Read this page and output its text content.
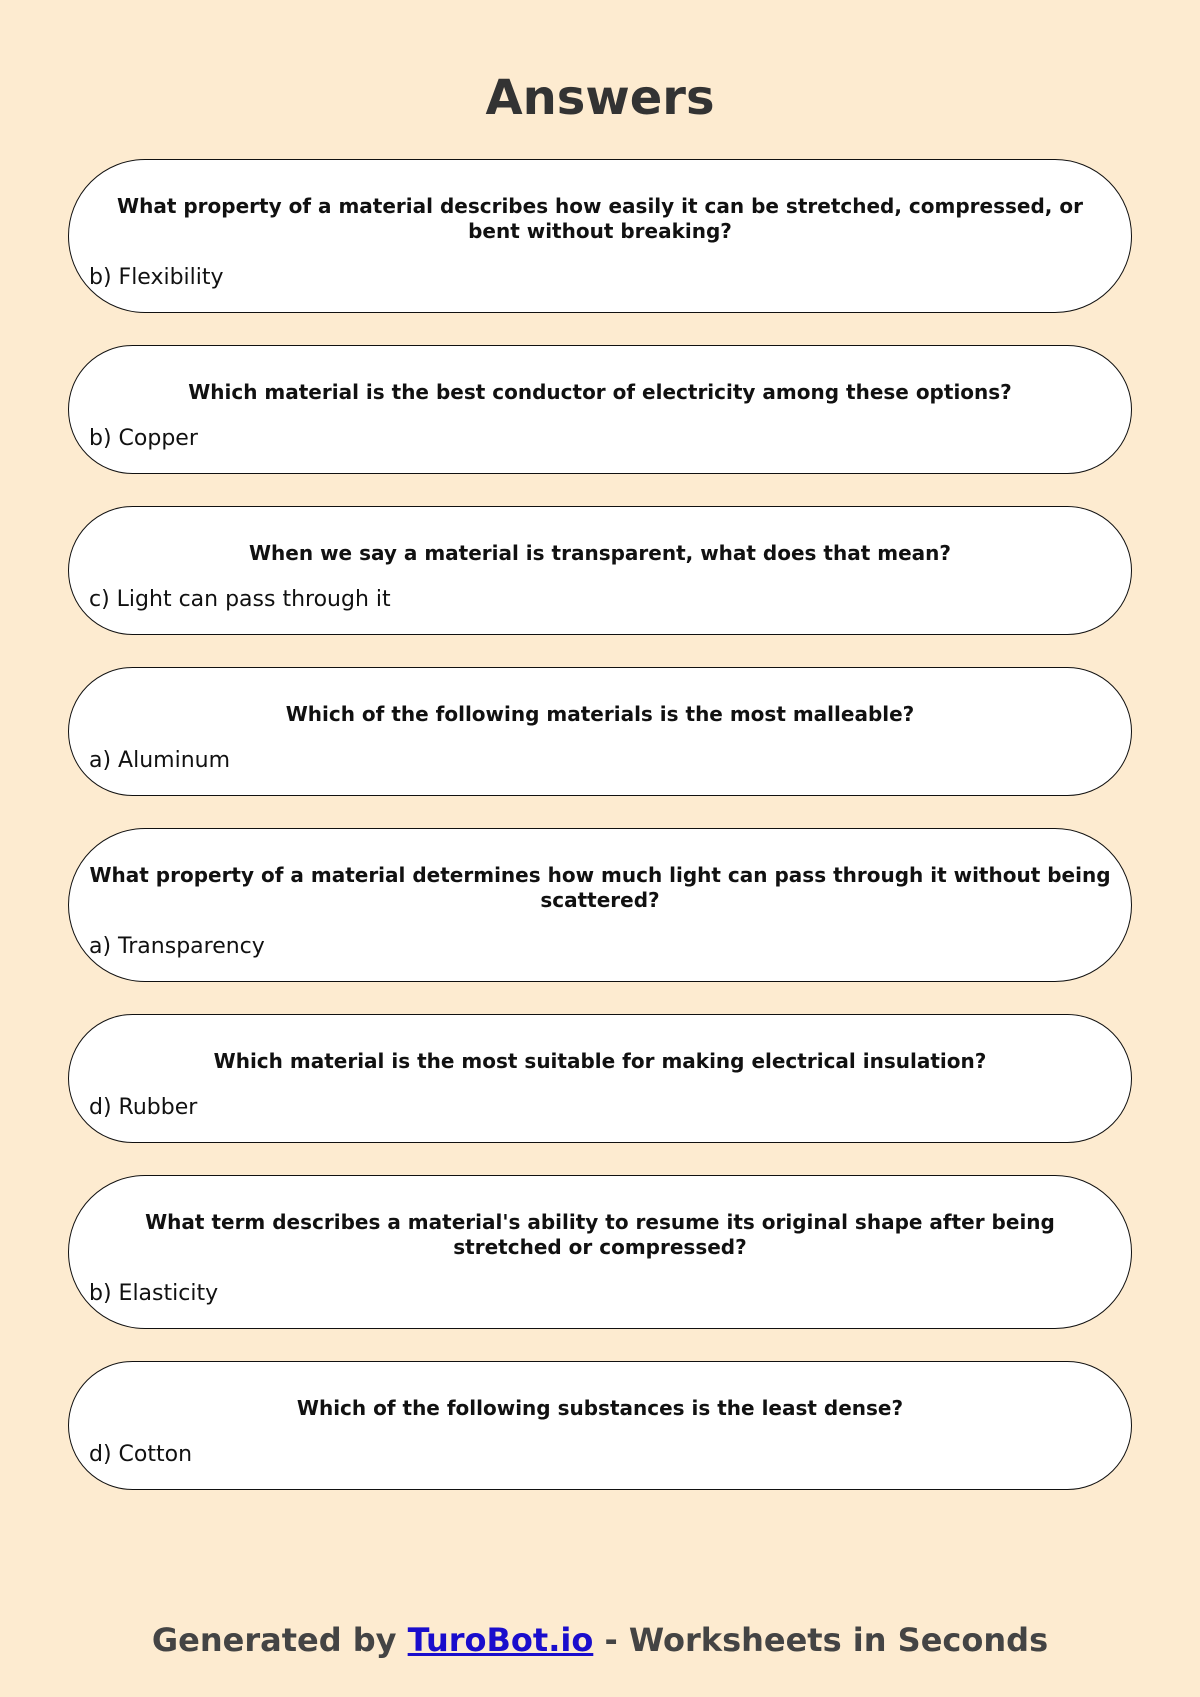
Answers
What property of a material describes how easily it can be stretched, compressed, or bent without breaking?
b) Flexibility
Which material is the best conductor of electricity among these options?
b) Copper
When we say a material is transparent, what does that mean?
c) Light can pass through it
Which of the following materials is the most malleable?
a) Aluminum
What property of a material determines how much light can pass through it without being scattered?
a) Transparency
Which material is the most suitable for making electrical insulation?
d) Rubber
What term describes a material's ability to resume its original shape after being stretched or compressed?
b) Elasticity
Which of the following substances is the least dense?
d) Cotton
Generated by TuroBot.io - Worksheets in Seconds
